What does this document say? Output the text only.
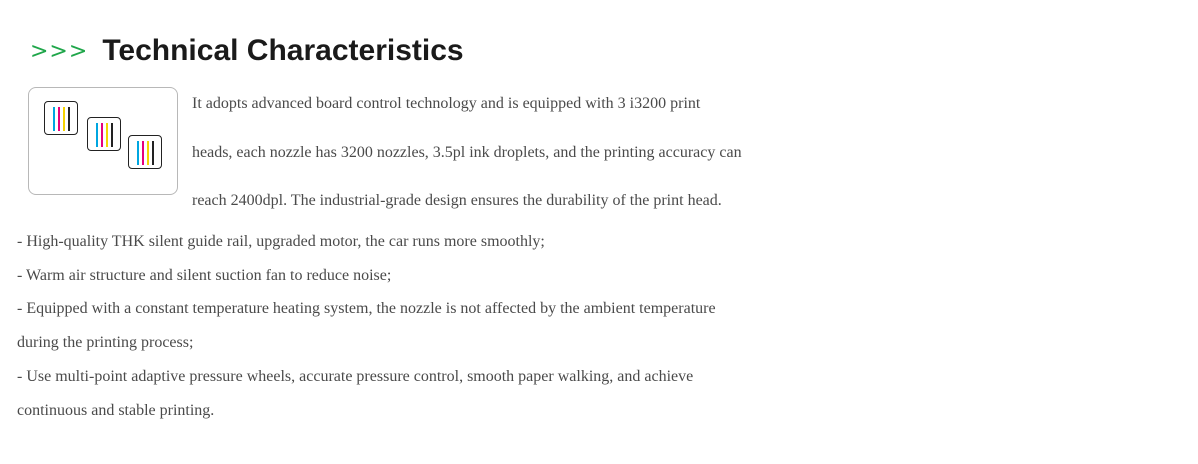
>>> Technical Characteristics

It adopts advanced board control technology and is equipped with 3 i3200 print

heads, each nozzle has 3200 nozzles, 3.5pl ink droplets, and the printing accuracy can

reach 2400dpl. The industrial-grade design ensures the durability of the print head.

- High-quality THK silent guide rail, upgraded motor, the car runs more smoothly;

- Warm air structure and silent suction fan to reduce noise;

- Equipped with a constant temperature heating system, the nozzle is not affected by the ambient temperature

during the printing process;

- Use multi-point adaptive pressure wheels, accurate pressure control, smooth paper walking, and achieve

continuous and stable printing.
